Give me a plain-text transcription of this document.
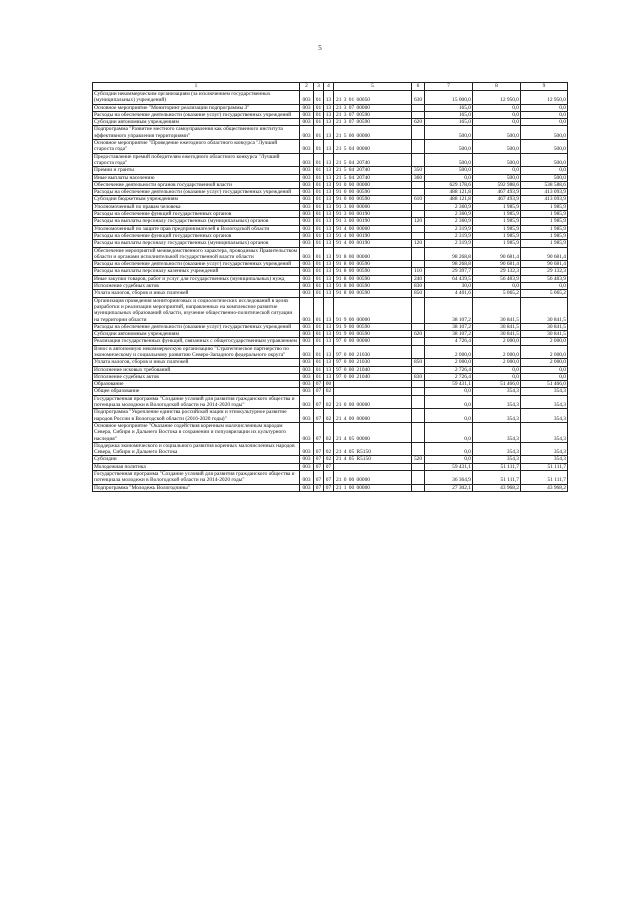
5
1	2	3	4	5	6	7	8	9
Субсидии некоммерческим организациям (за исключением государственных (муниципальных) учреждений)	003	01	13	21 3 01 60050	630	15 000,0	12 950,0	12 950,0
Основное мероприятие "Мониторинг реализации подпрограммы 3"	003	01	13	21 3 07 00000		165,0	0,0	0,0
Расходы на обеспечение деятельности (оказание услуг) государственных учреждений	003	01	13	21 3 07 00590		165,0	0,0	0,0
Субсидии автономным учреждениям	003	01	13	21 3 07 00590	620	165,0	0,0	0,0
Подпрограмма "Развитие местного самоуправления как общественного института эффективного управления территориями"	003	01	13	21 5 00 00000		500,0	500,0	500,0
Основное мероприятие "Проведение ежегодного областного конкурса "Лучший староста года"	003	01	13	21 5 04 00000		500,0	500,0	500,0
Предоставление премий победителям ежегодного областного конкурса "Лучший староста года"	003	01	13	21 5 04 20740		500,0	500,0	500,0
Премии и гранты	003	01	13	21 5 04 20740	350	500,0	0,0	0,0
Иные выплаты населению	003	01	13	21 5 04 20740	360	0,0	500,0	500,0
Обеспечение деятельности органов государственной власти	003	01	13	91 0 00 00000		629 178,6	592 988,6	538 588,6
Расходы на обеспечение деятельности (оказание услуг) государственных учреждений	003	01	13	91 0 00 00590		488 121,8	467 493,9	413 093,9
Субсидии бюджетным учреждениям	003	01	13	91 0 00 00590	610	488 121,8	467 493,9	413 093,9
Уполномоченный по правам человека	003	01	13	91 3 00 00000		2 360,9	1 985,9	1 985,9
Расходы на обеспечение функций государственных органов	003	01	13	91 3 00 00190		2 360,9	1 985,9	1 985,9
Расходы на выплаты персоналу государственных (муниципальных) органов	003	01	13	91 3 00 00190	120	2 360,9	1 985,9	1 985,9
Уполномоченный по защите прав предпринимателей в Вологодской области	003	01	13	91 4 00 00000		2 319,9	1 985,9	1 985,9
Расходы на обеспечение функций государственных органов	003	01	13	91 4 00 00190		2 319,9	1 985,9	1 985,9
Расходы на выплаты персоналу государственных (муниципальных) органов	003	01	13	91 4 00 00190	120	2 319,9	1 985,9	1 985,9
Обеспечение мероприятий межведомственного характера, проводимых Правительством области и органами исполнительной государственной власти области	003	01	13	91 8 00 00000		98 268,8	90 681,4	90 681,4
Расходы на обеспечение деятельности (оказание услуг) государственных учреждений	003	01	13	91 8 00 00590		98 268,8	90 681,4	90 681,4
Расходы на выплаты персоналу казенных учреждений	003	01	13	91 8 00 00590	110	29 397,7	29 132,3	29 132,3
Иные закупки товаров, работ и услуг для государственных (муниципальных) нужд	003	01	13	91 8 00 00590	240	64 439,5	56 483,9	56 483,9
Исполнение судебных актов	003	01	13	91 8 00 00590	830	30,0	0,0	0,0
Уплата налогов, сборов и иных платежей	003	01	13	91 8 00 00590	850	4 401,6	5 065,2	5 065,2
Организация проведения мониторинговых и социологических исследований в целях разработки и реализации мероприятий, направленных на комплексное развитие муниципальных образований области, изучение общественно-политической ситуации на территории области	003	01	13	91 9 00 00000		38 107,2	30 841,5	30 841,5
Расходы на обеспечение деятельности (оказание услуг) государственных учреждений	003	01	13	91 9 00 00590		38 107,2	30 841,5	30 841,5
Субсидии автономным учреждениям	003	01	13	91 9 00 00590	620	38 107,2	30 841,5	30 841,5
Реализация государственных функций, связанных с общегосударственным управлением	003	01	13	97 0 00 00000		4 726,4	2 000,0	2 000,0
Взнос в автономную некоммерческую организацию "Стратегическое партнерство по экономическому и социальному развитию Северо-Западного федерального округа"	003	01	13	97 0 00 21030		2 000,0	2 000,0	2 000,0
Уплата налогов, сборов и иных платежей	003	01	13	97 0 00 21030	850	2 000,0	2 000,0	2 000,0
Исполнение исковых требований	003	01	13	97 0 00 21040		2 726,4	0,0	0,0
Исполнение судебных актов	003	01	13	97 0 00 21040	830	2 726,4	0,0	0,0
Образование	003	07	00			59 431,1	51 466,0	51 466,0
Общее образование	003	07	02			0,0	354,3	354,3
Государственная программа "Создание условий для развития гражданского общества и потенциала молодежи в Вологодской области на 2014-2020 годы"	003	07	02	21 0 00 00000		0,0	354,3	354,3
Подпрограмма "Укрепление единства российской нации и этнокультурное развитие народов России в Вологодской области (2016-2020 годы)"	003	07	02	21 4 00 00000		0,0	354,3	354,3
Основное мероприятие "Оказание содействия коренным малочисленным народам Севера, Сибири и Дальнего Востока в сохранении и популяризации их культурного наследия"	003	07	02	21 4 05 00000		0,0	354,3	354,3
Поддержка экономического и социального развития коренных малочисленных народов Севера, Сибири и Дальнего Востока	003	07	02	21 4 05 R5150		0,0	354,3	354,3
Субсидии	003	07	02	21 4 05 R5150	520	0,0	354,3	354,3
Молодежная политика	003	07	07			59 431,1	51 111,7	51 111,7
Государственная программа "Создание условий для развития гражданского общества и потенциала молодежи в Вологодской области на 2014-2020 годы"	003	07	07	21 0 00 00000		36 364,9	51 111,7	51 111,7
Подпрограмма "Молодежь Вологодчины"	003	07	07	21 1 00 00000		27 302,1	43 968,2	43 968,2
